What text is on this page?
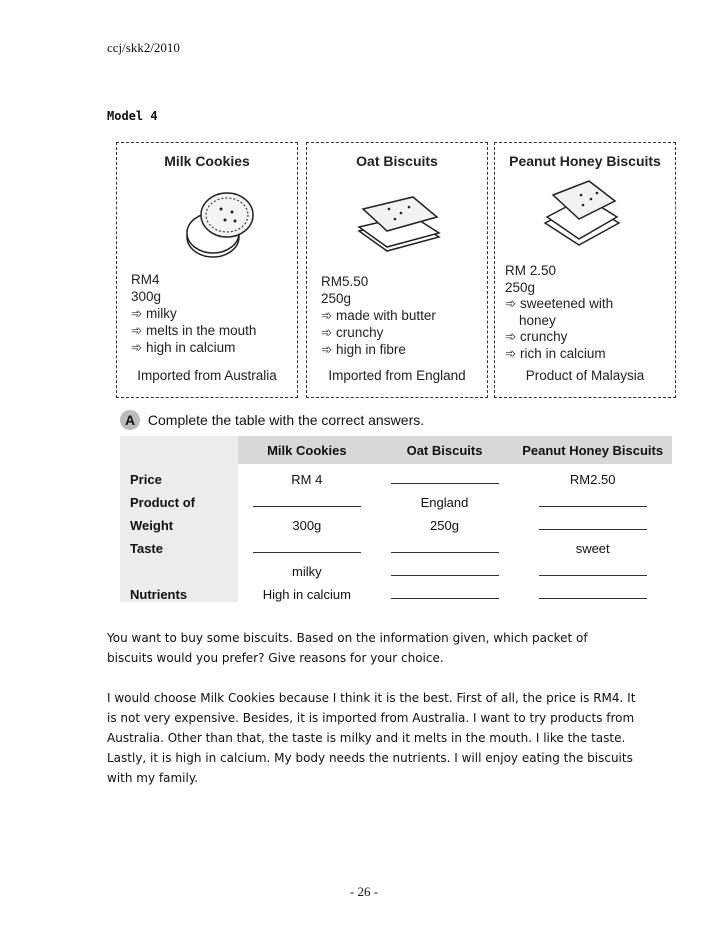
ccj/skk2/2010
Model 4
Milk Cookies
RM4
300g
➾ milky
➾ melts in the mouth
➾ high in calcium
Imported from Australia
Oat Biscuits
RM5.50
250g
➾ made with butter
➾ crunchy
➾ high in fibre
Imported from England
Peanut Honey Biscuits
RM 2.50
250g
➾ sweetened with
honey
➾ crunchy
➾ rich in calcium
Product of Malaysia
A Complete the table with the correct answers.
	Milk Cookies	Oat Biscuits	Peanut Honey Biscuits
Price	RM 4		RM2.50
Product of		England	
Weight	300g	250g	
Taste			sweet
	milky		
Nutrients	High in calcium		
You want to buy some biscuits. Based on the information given, which packet of biscuits would you prefer? Give reasons for your choice.
I would choose Milk Cookies because I think it is the best. First of all, the price is RM4. It is not very expensive. Besides, it is imported from Australia. I want to try products from Australia. Other than that, the taste is milky and it melts in the mouth. I like the taste. Lastly, it is high in calcium. My body needs the nutrients. I will enjoy eating the biscuits with my family.
- 26 -
